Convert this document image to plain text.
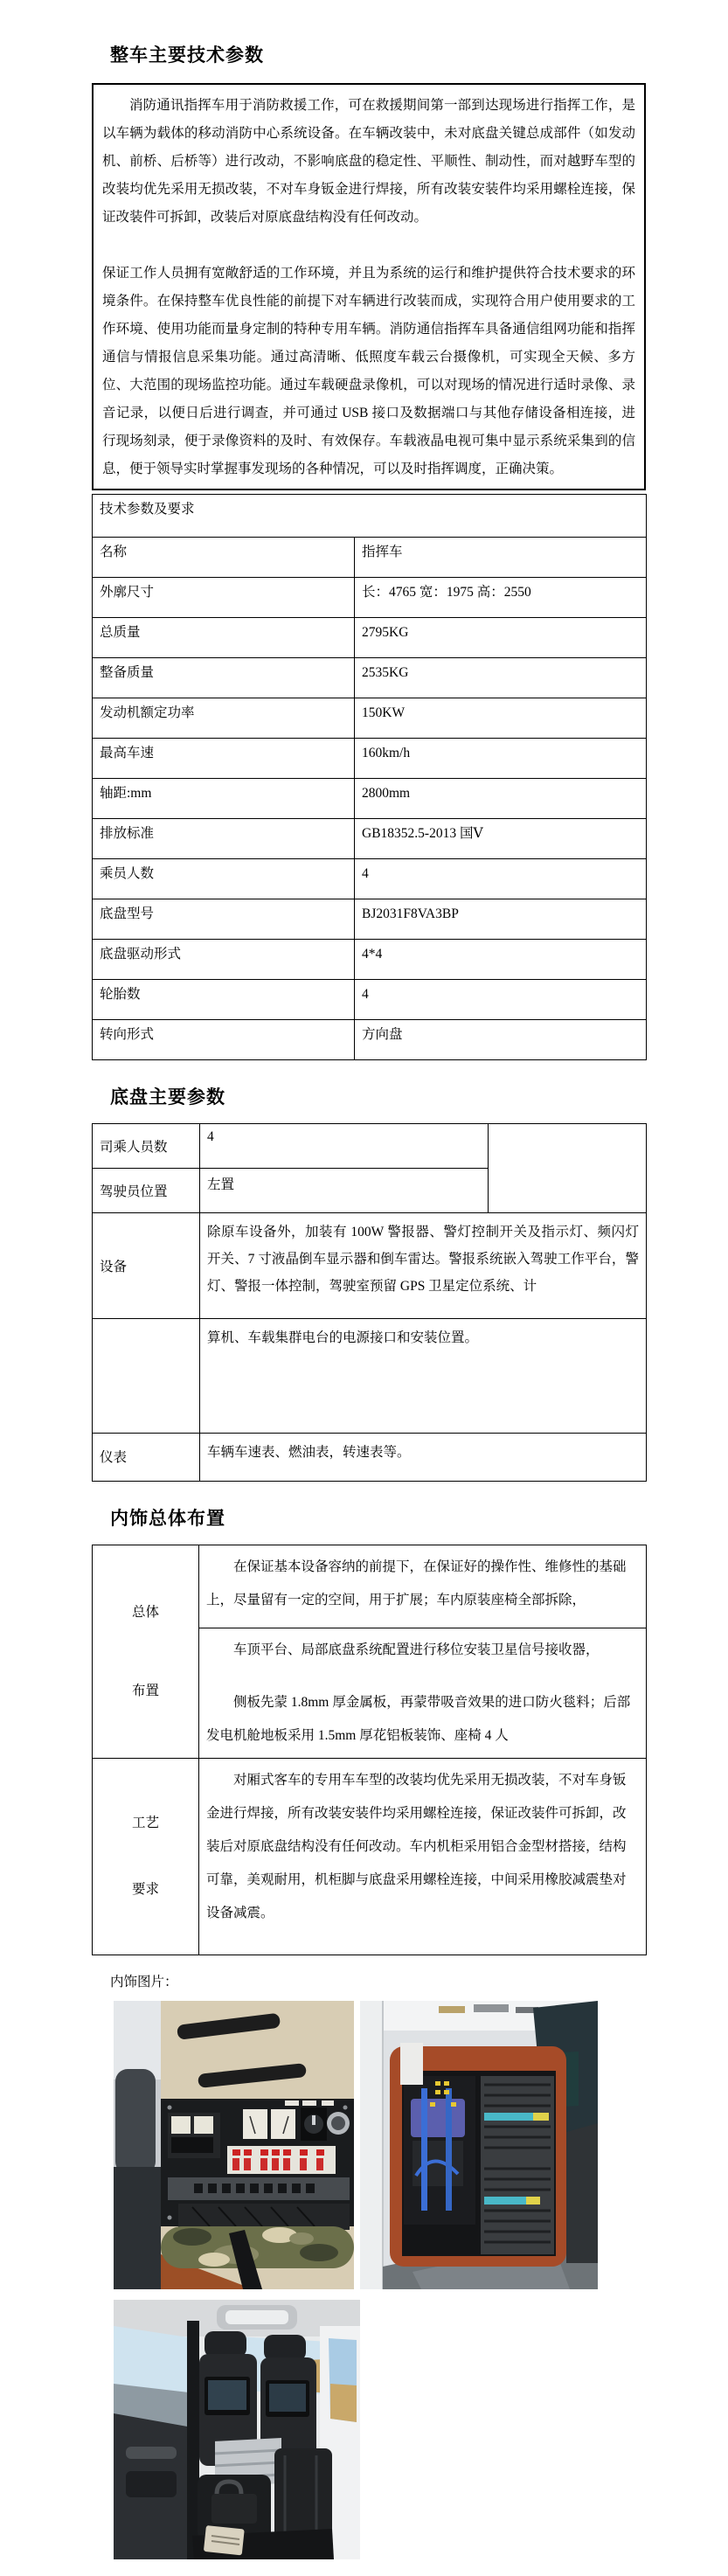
整车主要技术参数

消防通讯指挥车用于消防救援工作，可在救援期间第一部到达现场进行指挥工作，是以车辆为载体的移动消防中心系统设备。在车辆改装中，未对底盘关键总成部件（如发动机、前桥、后桥等）进行改动，不影响底盘的稳定性、平顺性、制动性，而对越野车型的改装均优先采用无损改装，不对车身钣金进行焊接，所有改装安装件均采用螺栓连接，保证改装件可拆卸，改装后对原底盘结构没有任何改动。

保证工作人员拥有宽敞舒适的工作环境，并且为系统的运行和维护提供符合技术要求的环境条件。在保持整车优良性能的前提下对车辆进行改装而成，实现符合用户使用要求的工作环境、使用功能而量身定制的特种专用车辆。消防通信指挥车具备通信组网功能和指挥通信与情报信息采集功能。通过高清晰、低照度车载云台摄像机，可实现全天候、多方位、大范围的现场监控功能。通过车载硬盘录像机，可以对现场的情况进行适时录像、录音记录，以便日后进行调查，并可通过 USB 接口及数据端口与其他存储设备相连接，进行现场刻录，便于录像资料的及时、有效保存。车载液晶电视可集中显示系统采集到的信息，便于领导实时掌握事发现场的各种情况，可以及时指挥调度，正确决策。

技术参数及要求	
名称	指挥车
外廓尺寸	长：4765 宽：1975 高：2550
总质量	2795KG
整备质量	2535KG
发动机额定功率	150KW
最高车速	160km/h
轴距:mm	2800mm
排放标准	GB18352.5-2013 国Ⅴ
乘员人数	4
底盘型号	BJ2031F8VA3BP
底盘驱动形式	4*4
轮胎数	4
转向形式	方向盘
底盘主要参数
司乘人员数	4	
驾驶员位置	左置	
设备	除原车设备外，加装有 100W 警报器、警灯控制开关及指示灯、频闪灯开关、7 寸液晶倒车显示器和倒车雷达。警报系统嵌入驾驶工作平台，警灯、警报一体控制，驾驶室预留 GPS 卫星定位系统、计	
	算机、车载集群电台的电源接口和安装位置。	
仪表	车辆车速表、燃油表，转速表等。	
内饰总体布置
总体
布置	在保证基本设备容纳的前提下，在保证好的操作性、维修性的基础上，尽量留有一定的空间，用于扩展；车内原装座椅全部拆除，

	车顶平台、局部底盘系统配置进行移位安装卫星信号接收器，

侧板先蒙 1.8mm 厚金属板，再蒙带吸音效果的进口防火毯料；后部发电机舱地板采用 1.5mm 厚花铝板装饰、座椅 4 人

工艺
要求	对厢式客车的专用车车型的改装均优先采用无损改装，不对车身钣金进行焊接，所有改装安装件均采用螺栓连接，保证改装件可拆卸，改装后对原底盘结构没有任何改动。车内机柜采用铝合金型材搭接，结构可靠，美观耐用，机柜脚与底盘采用螺栓连接，中间采用橡胶减震垫对设备减震。

内饰图片：
